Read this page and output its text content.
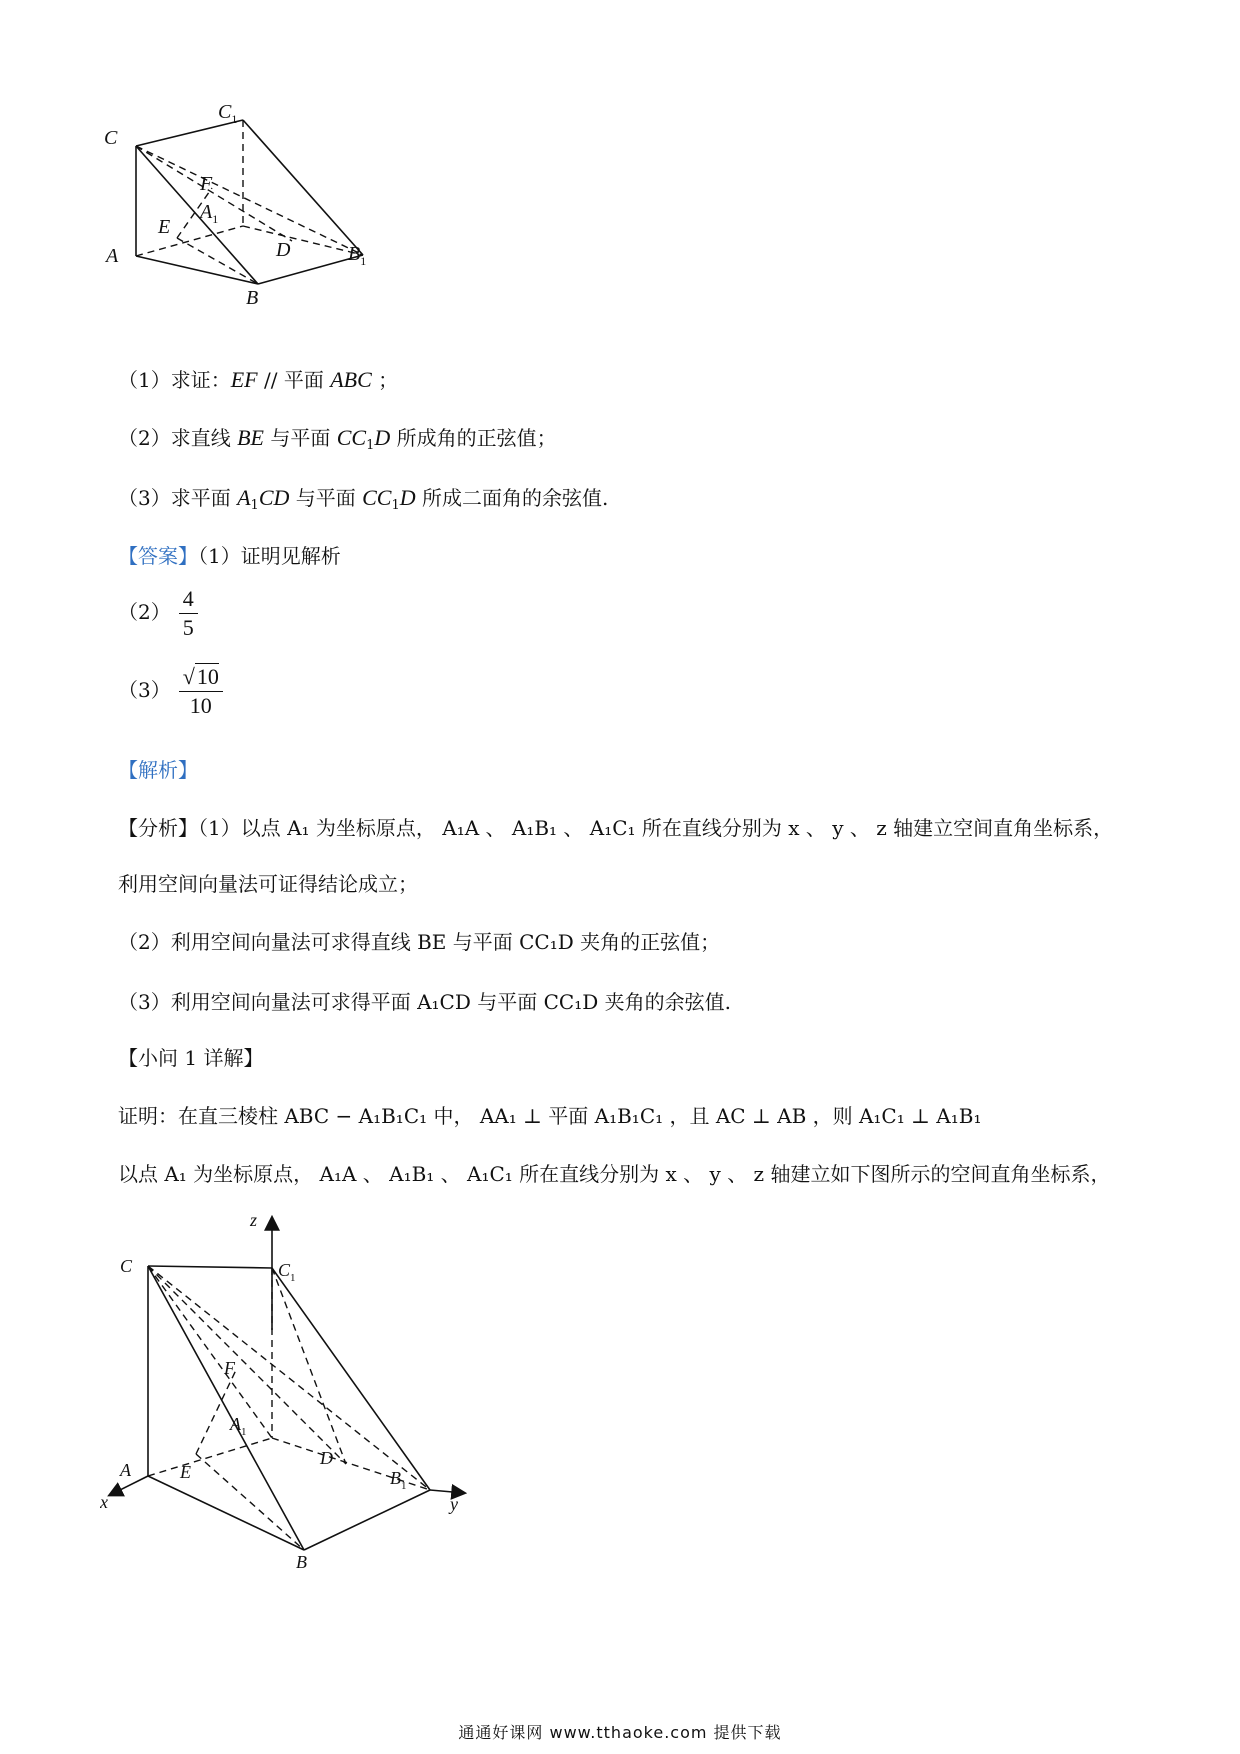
C
$C_1$
F
$A_1$
E
D
A	$B_1$
B
（1）求证：EF // 平面 ABC ；
（2）求直线 BE 与平面 $CC_1D$ 所成角的正弦值；
（3）求平面 $A_1CD$ 与平面 $CC_1D$ 所成二面角的余弦值.
【答案】（1）证明见解析
$(2) \frac{4}{5}$
$(3) \frac{√10}{10}$
【解析】
【分析】（1）以点 A₁ 为坐标原点， A₁A 、 A₁B₁ 、 A₁C₁ 所在直线分别为 x 、 y 、 z 轴建立空间直角坐标系，
利用空间向量法可证得结论成立；
（2）利用空间向量法可求得直线 BE 与平面 CC₁D 夹角的正弦值；
（3）利用空间向量法可求得平面 A₁CD 与平面 CC₁D 夹角的余弦值.
【小问 1 详解】
证明：在直三棱柱 ABC − A₁B₁C₁ 中， AA₁ ⊥ 平面 A₁B₁C₁ ，且 AC ⊥ AB ，则 A₁C₁ ⊥ A₁B₁
以点 A₁ 为坐标原点， A₁A 、 A₁B₁ 、 A₁C₁ 所在直线分别为 x 、 y 、 z 轴建立如下图所示的空间直角坐标系，
z
$C_1$
C
F
$A_1$
D
A	E	$B_1$
x	y
B
通通好课网 www.tthaoke.com 提供下载
